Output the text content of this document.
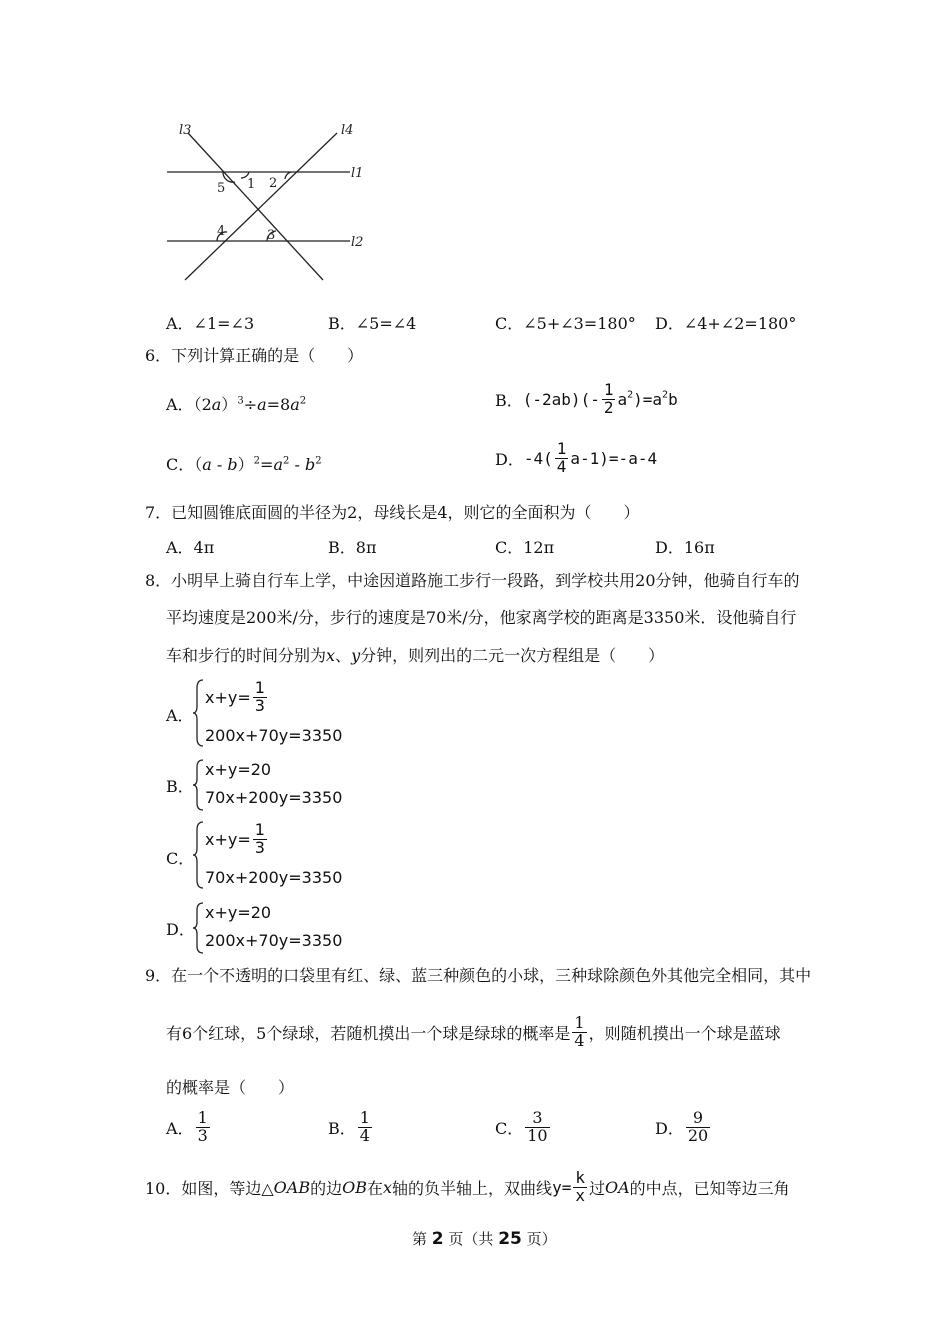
l3	l4
l1
l2
1 2
5
4	3
A．∠1=∠3	B．∠5=∠4	C．∠5+∠3=180° D．∠4+∠2=180°
6．下列计算正确的是（　　）
A．$(2a)^3\div a=8a^2$	B．$(-2ab)(- \frac{1}{2} a^2)=a^2b$
C．$(a - b)^2=a^2 - b^2$	D．$-4( \frac{1}{4} a-1)=-a-4$
7．已知圆锥底面圆的半径为2，母线长是4，则它的全面积为（　　）
A．4π	B．8π	C．12π	D．16π
8．小明早上骑自行车上学，中途因道路施工步行一段路，到学校共用20分钟，他骑自行车的
平均速度是200米/分，步行的速度是70米/分，他家离学校的距离是3350米．设他骑自行
车和步行的时间分别为x、y分钟，则列出的二元一次方程组是（　　）
A．
$x+y= \frac{1}{3}$
200x+70y=3350
B．
x+y=20
70x+200y=3350
C．
$x+y= \frac{1}{3}$
70x+200y=3350
D．
x+y=20
200x+70y=3350
9．在一个不透明的口袋里有红、绿、蓝三种颜色的小球，三种球除颜色外其他完全相同，其中
有6个红球，5个绿球，若随机摸出一个球是绿球的概率是 $\frac{1}{4}$ ，则随机摸出一个球是蓝球
的概率是（　　）
A． $\frac{1}{3}$	B． $\frac{1}{4}$	C． $\frac{3}{10}$	D． $\frac{9}{20}$
10．如图，等边△OAB的边OB在x轴的负半轴上，双曲线$y= \frac{k}{x}$ 过OA的中点，已知等边三角
第 2 页（共 25 页）
